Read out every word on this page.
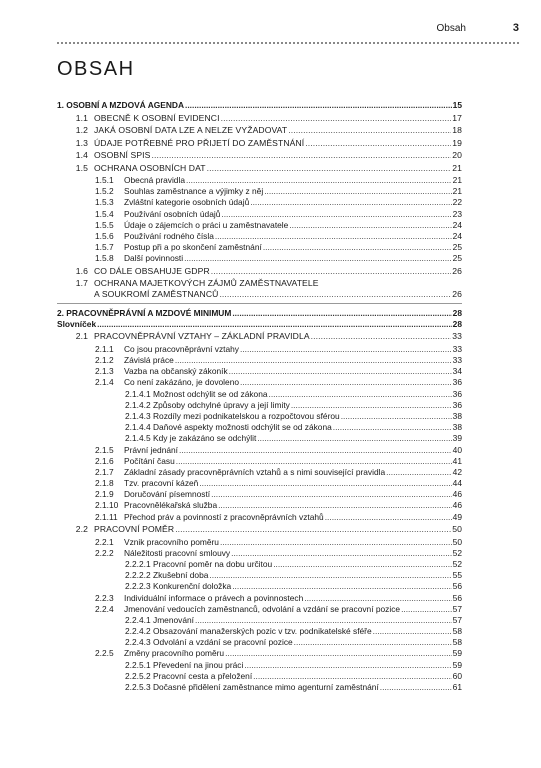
Obsah	3
OBSAH
1. OSOBNÍ A MZDOVÁ AGENDA .....	15
1.1 OBECNĚ K OSOBNÍ EVIDENCI .....	17
1.2 JAKÁ OSOBNÍ DATA LZE A NELZE VYŽADOVAT .....	18
1.3 ÚDAJE POTŘEBNÉ PRO PŘIJETÍ DO ZAMĚSTNÁNÍ .....	19
1.4 OSOBNÍ SPIS .....	20
1.5 OCHRANA OSOBNÍCH DAT .....	21
1.5.1	Obecná pravidla .....	21
1.5.2	Souhlas zaměstnance a výjimky z něj .....	21
1.5.3	Zvláštní kategorie osobních údajů .....	22
1.5.4	Používání osobních údajů .....	23
1.5.5	Údaje o zájemcích o práci u zaměstnavatele .....	24
1.5.6	Používání rodného čísla .....	24
1.5.7	Postup při a po skončení zaměstnání .....	25
1.5.8	Další povinnosti .....	25
1.6 CO DÁLE OBSAHUJE GDPR .....	26
1.7 OCHRANA MAJETKOVÝCH ZÁJMŮ ZAMĚSTNAVATELE
A SOUKROMÍ ZAMĚSTNANCŮ .....	26
2. PRACOVNĚPRÁVNÍ A MZDOVÉ MINIMUM .....	28
Slovníček .....	28
2.1 PRACOVNĚPRÁVNÍ VZTAHY – ZÁKLADNÍ PRAVIDLA .....	33
2.1.1	Co jsou pracovněprávní vztahy .....	33
2.1.2	Závislá práce .....	33
2.1.3	Vazba na občanský zákoník .....	34
2.1.4	Co není zakázáno, je dovoleno .....	36
2.1.4.1 Možnost odchýlit se od zákona .....	36
2.1.4.2 Způsoby odchylné úpravy a její limity .....	36
2.1.4.3 Rozdíly mezi podnikatelskou a rozpočtovou sférou .....	38
2.1.4.4 Daňové aspekty možnosti odchýlit se od zákona .....	38
2.1.4.5 Kdy je zakázáno se odchýlit .....	39
2.1.5	Právní jednání .....	40
2.1.6	Počítání času .....	41
2.1.7	Základní zásady pracovněprávních vztahů a s nimi související pravidla .....	42
2.1.8	Tzv. pracovní kázeň .....	44
2.1.9	Doručování písemností .....	46
2.1.10 Pracovnělékařská služba .....	46
2.1.11 Přechod práv a povinností z pracovněprávních vztahů .....	49
2.2 PRACOVNÍ POMĚR .....	50
2.2.1	Vznik pracovního poměru .....	50
2.2.2	Náležitosti pracovní smlouvy .....	52
2.2.2.1 Pracovní poměr na dobu určitou .....	52
2.2.2.2 Zkušební doba .....	55
2.2.2.3 Konkurenční doložka .....	56
2.2.3	Individuální informace o právech a povinnostech .....	56
2.2.4	Jmenování vedoucích zaměstnanců, odvolání a vzdání se pracovní pozice .....	57
2.2.4.1 Jmenování .....	57
2.2.4.2 Obsazování manažerských pozic v tzv. podnikatelské sféře .....	58
2.2.4.3 Odvolání a vzdání se pracovní pozice .....	58
2.2.5	Změny pracovního poměru .....	59
2.2.5.1 Převedení na jinou práci .....	59
2.2.5.2 Pracovní cesta a přeložení .....	60
2.2.5.3 Dočasné přidělení zaměstnance mimo agenturní zaměstnání .....	61
